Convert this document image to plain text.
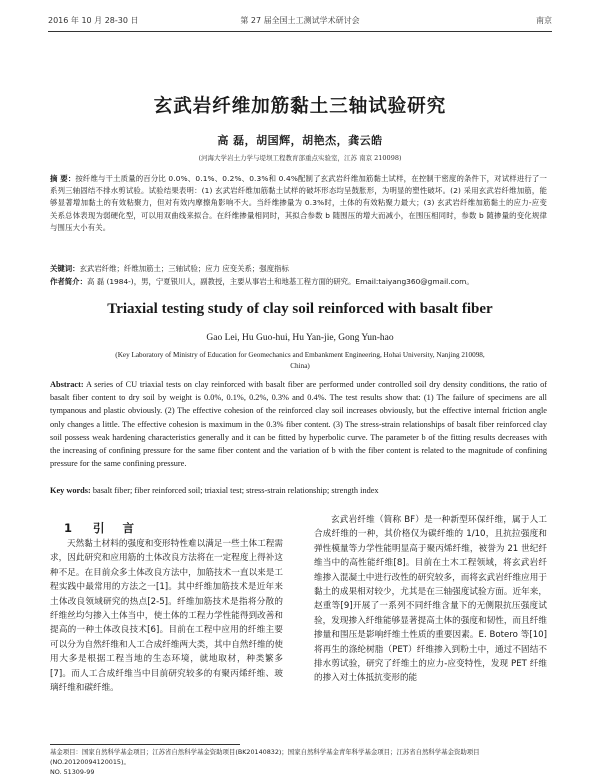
2016 年 10 月 28-30 日	第 27 届全国土工测试学术研讨会	南京
玄武岩纤维加筋黏土三轴试验研究
高 磊，胡国辉，胡艳杰，龚云皓
(河海大学岩土力学与堤坝工程教育部重点实验室，江苏 南京 210098)
摘 要：按纤维与干土质量的百分比 0.0%、0.1%、0.2%、0.3%和 0.4%配制了玄武岩纤维加筋黏土试样，在控制干密度的条件下，对试样进行了一系列三轴固结不排水剪试验。试验结果表明：(1) 玄武岩纤维加筋黏土试样的破坏形态均呈鼓胀形，为明显的塑性破坏。(2) 采用玄武岩纤维加筋，能够显著增加黏土的有效粘聚力，但对有效内摩擦角影响不大。当纤维掺量为 0.3%时，土体的有效粘聚力最大；(3) 玄武岩纤维加筋黏土的应力-应变关系总体表现为弱硬化型，可以用双曲线来拟合。在纤维掺量相同时，其拟合参数 b 随围压的增大而减小，在围压相同时，参数 b 随掺量的变化规律与围压大小有关。
关键词：玄武岩纤维；纤维加筋土；三轴试验；应力 应变关系；强度指标
作者简介：高 磊 (1984-)，男，宁夏银川人，副教授，主要从事岩土和地基工程方面的研究。Email:taiyang360@gmail.com。
Triaxial testing study of clay soil reinforced with basalt fiber
Gao Lei, Hu Guo-hui, Hu Yan-jie, Gong Yun-hao
(Key Laboratory of Ministry of Education for Geomechanics and Embankment Engineering, Hohai University, Nanjing 210098,
China)
Abstract: A series of CU triaxial tests on clay reinforced with basalt fiber are performed under controlled soil dry density conditions, the ratio of basalt fiber content to dry soil by weight is 0.0%, 0.1%, 0.2%, 0.3% and 0.4%. The test results show that: (1) The failure of specimens are all tympanous and plastic obviously. (2) The effective cohesion of the reinforced clay soil increases obviously, but the effective internal friction angle only changes a little. The effective cohesion is maximum in the 0.3% fiber content. (3) The stress-strain relationships of basalt fiber reinforced clay soil possess weak hardening characteristics generally and it can be fitted by hyperbolic curve. The parameter b of the fitting results decreases with the increasing of confining pressure for the same fiber content and the variation of b with the fiber content is related to the magnitude of confining pressure for the same confining pressure.
Key words: basalt fiber; fiber reinforced soil; triaxial test; stress-strain relationship; strength index
1 引言
天然黏土材料的强度和变形特性难以满足一些土体工程需求，因此研究和应用筋的土体改良方法将在一定程度上得补这种不足。在目前众多土体改良方法中，加筋技术一直以来是工程实践中最常用的方法之一[1]。其中纤维加筋技术是近年来土体改良领域研究的热点[2-5]。纤维加筋技术是指将分散的纤维丝均匀掺入土体当中，使土体的工程力学性能得到改善和提高的一种土体改良技术[6]。目前在工程中应用的纤维主要可以分为自然纤维和人工合成纤维两大类，其中自然纤维的使用大多是根据工程当地的生态环境，就地取材，种类繁多[7]。而人工合成纤维当中目前研究较多的有聚丙烯纤维、玻璃纤维和碳纤维。
玄武岩纤维（简称 BF）是一种新型环保纤维，属于人工合成纤维的一种，其价格仅为碳纤维的 1/10，且抗拉强度和弹性模量等力学性能明显高于聚丙烯纤维，被誉为 21 世纪纤维当中的高性能纤维[8]。目前在土木工程领域，将玄武岩纤维掺入混凝土中进行改性的研究较多，而将玄武岩纤维应用于黏土的成果相对较少，尤其是在三轴强度试验方面。近年来，赵重等[9]开展了一系列不同纤维含量下的无侧限抗压强度试验，发现掺入纤维能够显著提高土体的强度和韧性，而且纤维掺量和围压是影响纤维土性质的重要因素。E. Botero 等[10]将再生的涤纶树脂（PET）纤维掺入到粉土中，通过不固结不排水剪试验，研究了纤维土的应力-应变特性，发现 PET 纤维的掺入对土体抵抗变形的能
基金项目：国家自然科学基金项目；江苏省自然科学基金资助项目(BK20140832)；国家自然科学基金青年科学基金项目；江苏省自然科学基金资助项目(NO.20120094120015)。
NO. 51309-99
